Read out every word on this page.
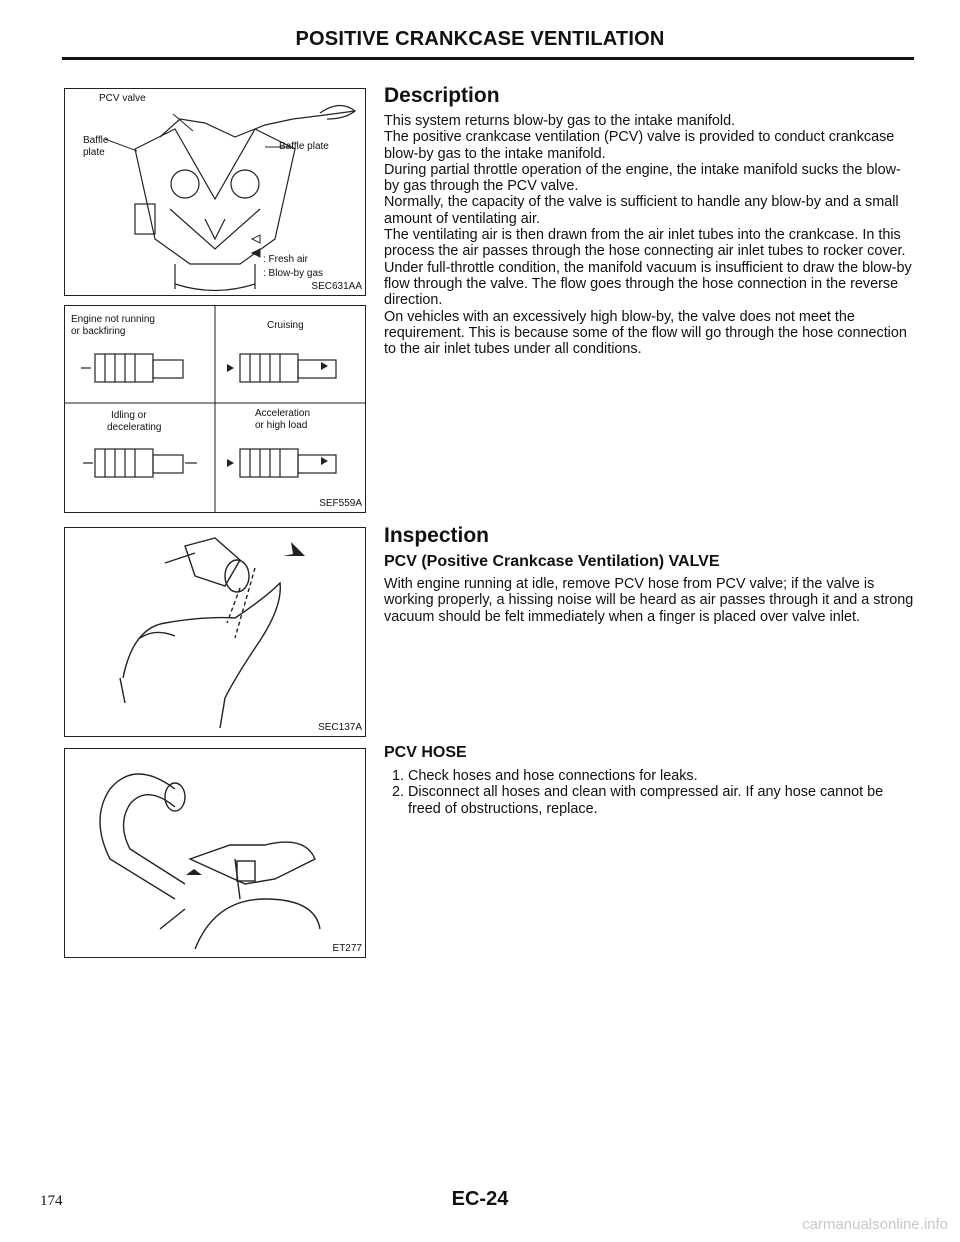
POSITIVE CRANKCASE VENTILATION
PCV valve
Baffle
plate
Baffle plate
: Fresh air
: Blow-by gas
SEC631AA
Engine not running
or backfiring
Cruising
Idling or
decelerating
Acceleration
or high load
SEF559A
SEC137A
ET277
Description

This system returns blow-by gas to the intake manifold.

The positive crankcase ventilation (PCV) valve is provided to conduct crankcase blow-by gas to the intake manifold.

During partial throttle operation of the engine, the intake manifold sucks the blow-by gas through the PCV valve.

Normally, the capacity of the valve is sufficient to handle any blow-by and a small amount of ventilating air.

The ventilating air is then drawn from the air inlet tubes into the crankcase. In this process the air passes through the hose connecting air inlet tubes to rocker cover.

Under full-throttle condition, the manifold vacuum is insufficient to draw the blow-by flow through the valve. The flow goes through the hose connection in the reverse direction.

On vehicles with an excessively high blow-by, the valve does not meet the requirement. This is because some of the flow will go through the hose connection to the air inlet tubes under all conditions.

Inspection
PCV (Positive Crankcase Ventilation) VALVE

With engine running at idle, remove PCV hose from PCV valve; if the valve is working properly, a hissing noise will be heard as air passes through it and a strong vacuum should be felt immediately when a finger is placed over valve inlet.

PCV HOSE
1. Check hoses and hose connections for leaks.
2. Disconnect all hoses and clean with compressed air. If any hose cannot be freed of obstructions, replace.
174	EC-24
carmanualsonline.info
